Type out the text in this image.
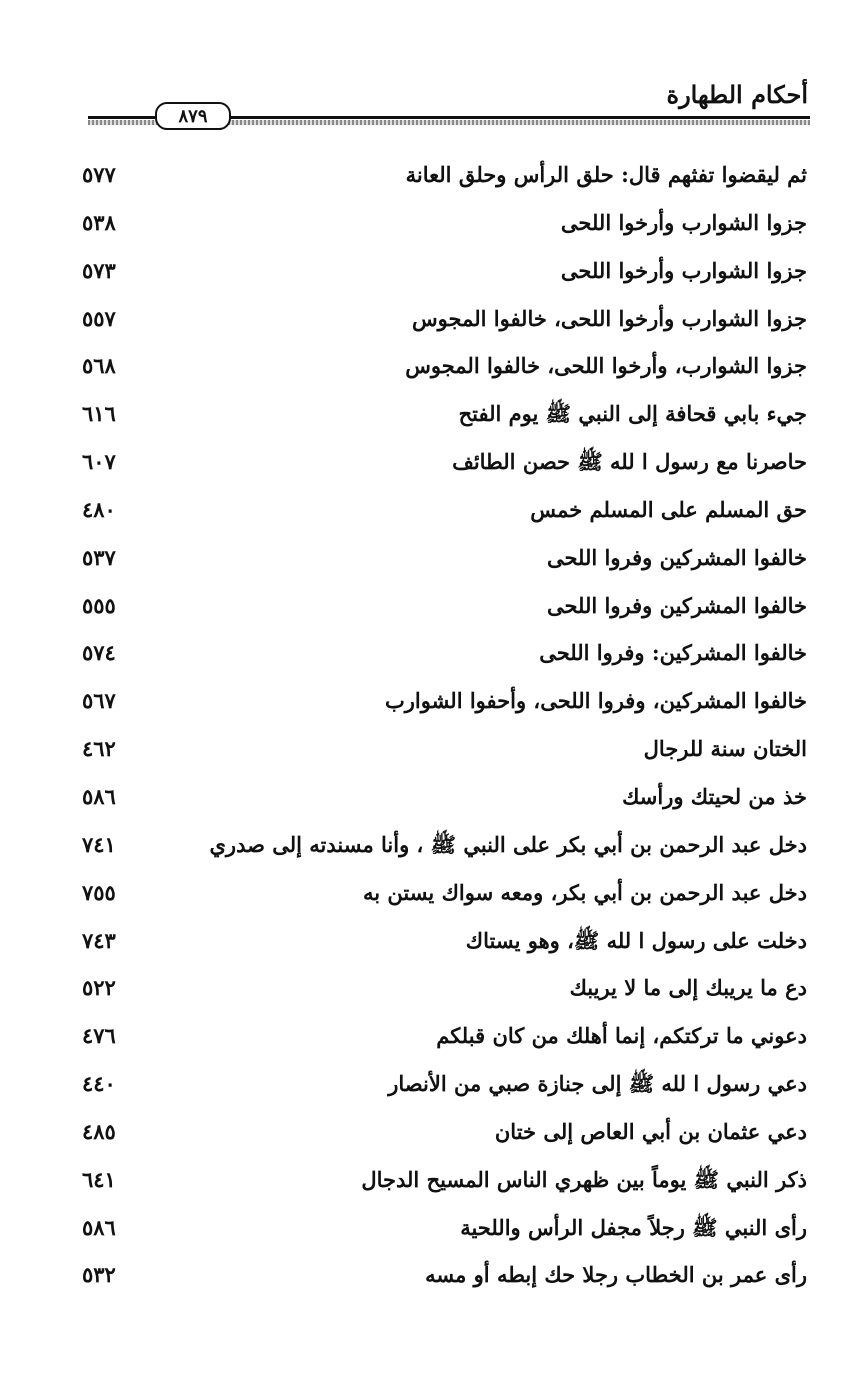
أحكام الطهارة
٨٧٩
ثم ليقضوا تفثهم قال: حلق الرأس وحلق العانة
٥٧٧
جزوا الشوارب وأرخوا اللحى
٥٣٨
جزوا الشوارب وأرخوا اللحى
٥٧٣
جزوا الشوارب وأرخوا اللحى، خالفوا المجوس
٥٥٧
جزوا الشوارب، وأرخوا اللحى، خالفوا المجوس
٥٦٨
جيء بابي قحافة إلى النبي ﷺ يوم الفتح
٦١٦
حاصرنا مع رسول ا لله ﷺ حصن الطائف
٦٠٧
حق المسلم على المسلم خمس
٤٨٠
خالفوا المشركين وفروا اللحى
٥٣٧
خالفوا المشركين وفروا اللحى
٥٥٥
خالفوا المشركين: وفروا اللحى
٥٧٤
خالفوا المشركين، وفروا اللحى، وأحفوا الشوارب
٥٦٧
الختان سنة للرجال
٤٦٢
خذ من لحيتك ورأسك
٥٨٦
دخل عبد الرحمن بن أبي بكر على النبي ﷺ ، وأنا مسندته إلى صدري
٧٤١
دخل عبد الرحمن بن أبي بكر، ومعه سواك يستن به
٧٥٥
دخلت على رسول ا لله ﷺ، وهو يستاك
٧٤٣
دع ما يريبك إلى ما لا يريبك
٥٢٢
دعوني ما تركتكم، إنما أهلك من كان قبلكم
٤٧٦
دعي رسول ا لله ﷺ إلى جنازة صبي من الأنصار
٤٤٠
دعي عثمان بن أبي العاص إلى ختان
٤٨٥
ذكر النبي ﷺ يوماً بين ظهري الناس المسيح الدجال
٦٤١
رأى النبي ﷺ رجلاً مجفل الرأس واللحية
٥٨٦
رأى عمر بن الخطاب رجلا حك إبطه أو مسه
٥٣٢
